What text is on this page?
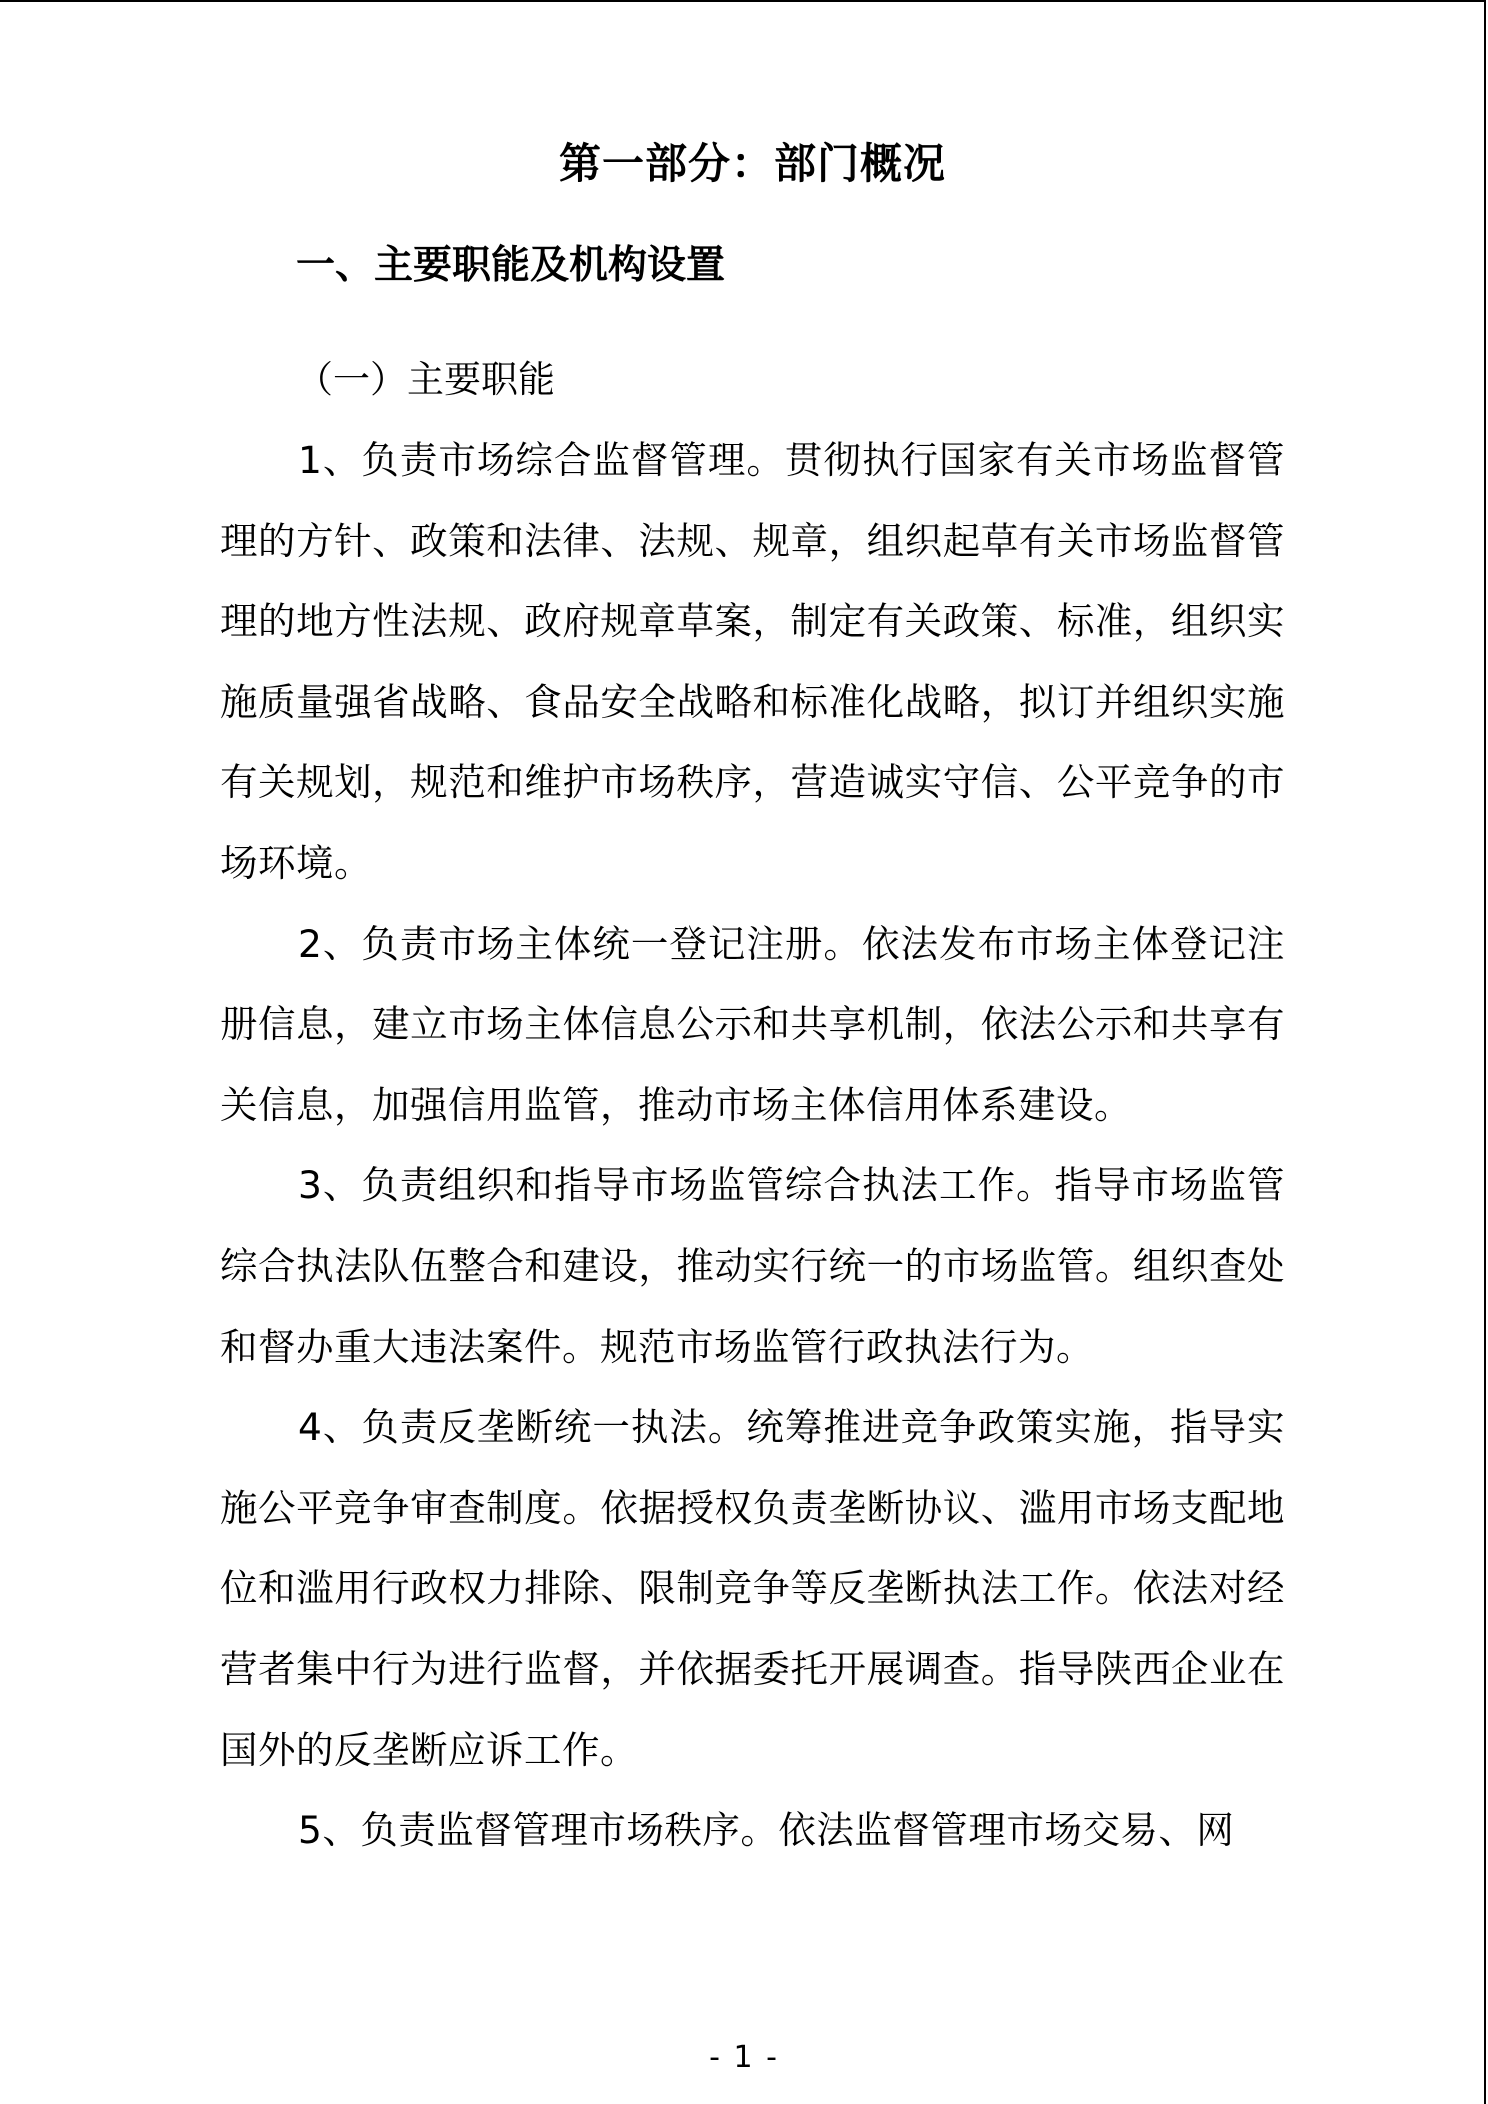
第一部分：部门概况
一、主要职能及机构设置
（一）主要职能

1、负责市场综合监督管理。贯彻执行国家有关市场监督管理的方针、政策和法律、法规、规章，组织起草有关市场监督管理的地方性法规、政府规章草案，制定有关政策、标准，组织实施质量强省战略、食品安全战略和标准化战略，拟订并组织实施有关规划，规范和维护市场秩序，营造诚实守信、公平竞争的市场环境。

2、负责市场主体统一登记注册。依法发布市场主体登记注册信息，建立市场主体信息公示和共享机制，依法公示和共享有关信息，加强信用监管，推动市场主体信用体系建设。

3、负责组织和指导市场监管综合执法工作。指导市场监管综合执法队伍整合和建设，推动实行统一的市场监管。组织查处和督办重大违法案件。规范市场监管行政执法行为。

4、负责反垄断统一执法。统筹推进竞争政策实施，指导实施公平竞争审查制度。依据授权负责垄断协议、滥用市场支配地位和滥用行政权力排除、限制竞争等反垄断执法工作。依法对经营者集中行为进行监督，并依据委托开展调查。指导陕西企业在国外的反垄断应诉工作。

5、负责监督管理市场秩序。依法监督管理市场交易、网

- 1 -
